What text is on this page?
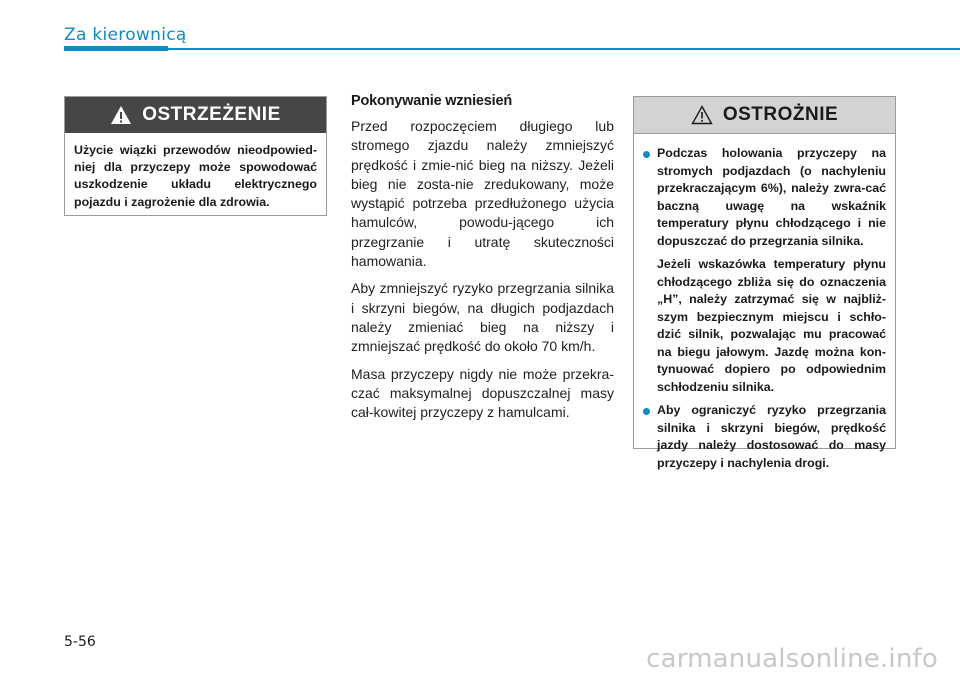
Za kierownicą
OSTRZEŻENIE
Użycie wiązki przewodów nieodpowied-niej dla przyczepy może spowodować uszkodzenie układu elektrycznego pojazdu i zagrożenie dla zdrowia.
Pokonywanie wzniesień

Przed rozpoczęciem długiego lub stromego zjazdu należy zmniejszyć prędkość i zmie-nić bieg na niższy. Jeżeli bieg nie zosta-nie zredukowany, może wystąpić potrzeba przedłużonego użycia hamulców, powodu-jącego ich przegrzanie i utratę skuteczności hamowania.

Aby zmniejszyć ryzyko przegrzania silnika i skrzyni biegów, na długich podjazdach należy zmieniać bieg na niższy i zmniejszać prędkość do około 70 km/h.

Masa przyczepy nigdy nie może przekra-czać maksymalnej dopuszczalnej masy cał-kowitej przyczepy z hamulcami.

OSTROŻNIE

Podczas holowania przyczepy na stromych podjazdach (o nachyleniu przekraczającym 6%), należy zwra-cać baczną uwagę na wskaźnik temperatury płynu chłodzącego i nie dopuszczać do przegrzania silnika.

Jeżeli wskazówka temperatury płynu chłodzącego zbliża się do oznaczenia „H”, należy zatrzymać się w najbliż-szym bezpiecznym miejscu i schło-dzić silnik, pozwalając mu pracować na biegu jałowym. Jazdę można kon-tynuować dopiero po odpowiednim schłodzeniu silnika.

Aby ograniczyć ryzyko przegrzania silnika i skrzyni biegów, prędkość jazdy należy dostosować do masy przyczepy i nachylenia drogi.

5-56
carmanualsonline.info
